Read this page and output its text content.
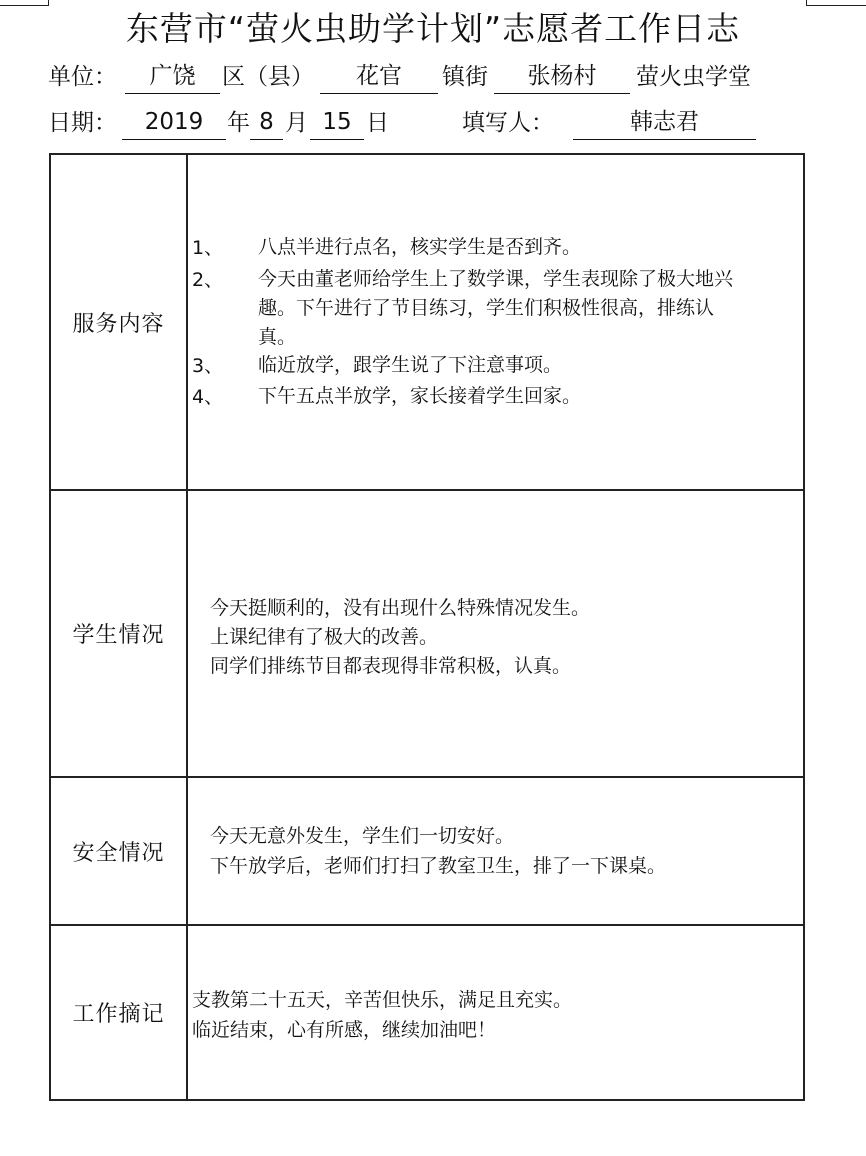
东营市“萤火虫助学计划”志愿者工作日志
单位：	广饶	区（县）	花官	镇街	张杨村	萤火虫学堂
日期：	2019	年 8 月 15 日	填写人：	韩志君
服务内容
1、 八点半进行点名，核实学生是否到齐。
2、 今天由董老师给学生上了数学课，学生表现除了极大地兴
趣。下午进行了节目练习，学生们积极性很高，排练认
真。
3、 临近放学，跟学生说了下注意事项。
4、 下午五点半放学，家长接着学生回家。
学生情况
今天挺顺利的，没有出现什么特殊情况发生。
上课纪律有了极大的改善。
同学们排练节目都表现得非常积极，认真。
安全情况
今天无意外发生，学生们一切安好。
下午放学后，老师们打扫了教室卫生，排了一下课桌。
工作摘记
支教第二十五天，辛苦但快乐，满足且充实。
临近结束，心有所感，继续加油吧！
